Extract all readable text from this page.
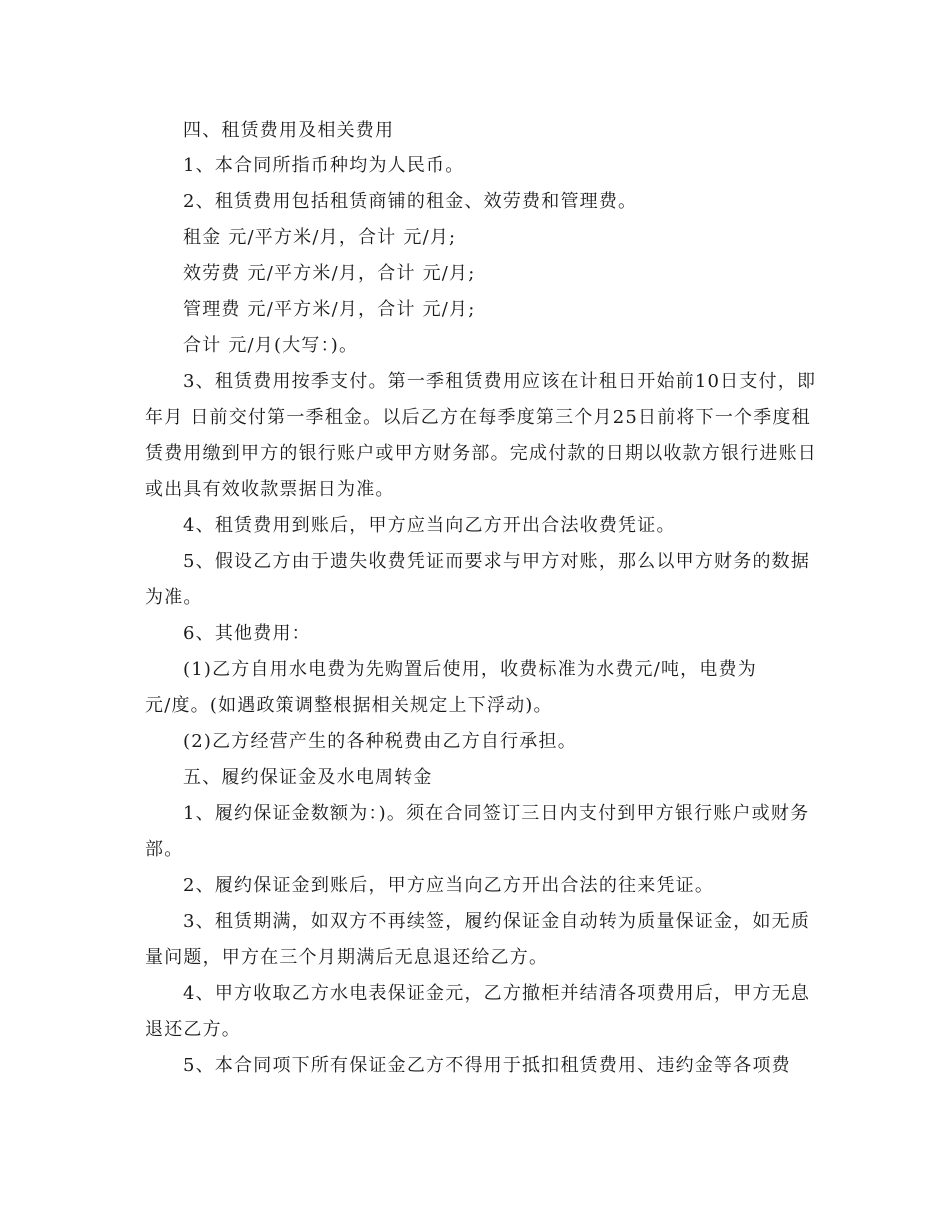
四、租赁费用及相关费用
1、本合同所指币种均为人民币。
2、租赁费用包括租赁商铺的租金、效劳费和管理费。
租金 元/平方米/月，合计 元/月;
效劳费 元/平方米/月，合计 元/月;
管理费 元/平方米/月，合计 元/月;
合计 元/月(大写：)。
3、租赁费用按季支付。第一季租赁费用应该在计租日开始前10日支付，即
年月 日前交付第一季租金。以后乙方在每季度第三个月25日前将下一个季度租
赁费用缴到甲方的银行账户或甲方财务部。完成付款的日期以收款方银行进账日
或出具有效收款票据日为准。
4、租赁费用到账后，甲方应当向乙方开出合法收费凭证。
5、假设乙方由于遗失收费凭证而要求与甲方对账，那么以甲方财务的数据
为准。
6、其他费用：
(1)乙方自用水电费为先购置后使用，收费标准为水费元/吨，电费为
元/度。(如遇政策调整根据相关规定上下浮动)。
(2)乙方经营产生的各种税费由乙方自行承担。
五、履约保证金及水电周转金
1、履约保证金数额为：)。须在合同签订三日内支付到甲方银行账户或财务
部。
2、履约保证金到账后，甲方应当向乙方开出合法的往来凭证。
3、租赁期满，如双方不再续签，履约保证金自动转为质量保证金，如无质
量问题，甲方在三个月期满后无息退还给乙方。
4、甲方收取乙方水电表保证金元，乙方撤柜并结清各项费用后，甲方无息
退还乙方。
5、本合同项下所有保证金乙方不得用于抵扣租赁费用、违约金等各项费
